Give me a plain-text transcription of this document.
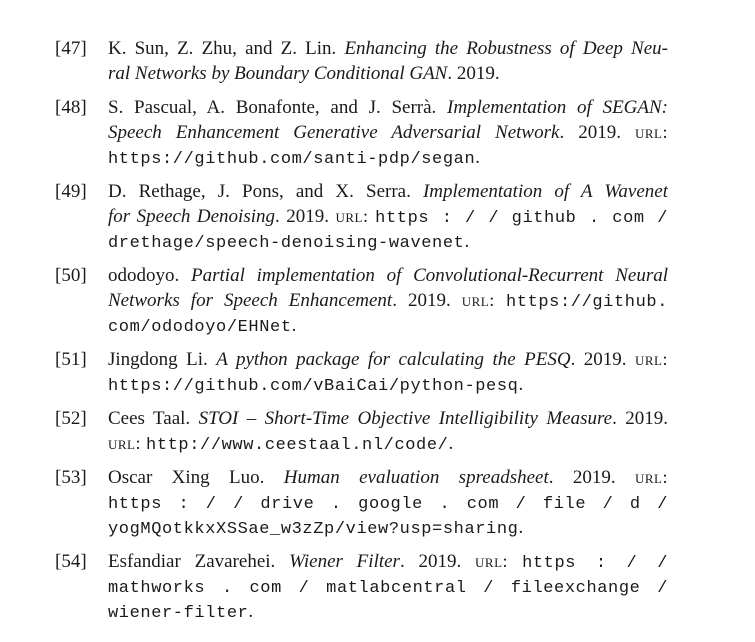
[47] K. Sun, Z. Zhu, and Z. Lin. Enhancing the Robustness of Deep Neu-
ral Networks by Boundary Conditional GAN. 2019.
[48] S. Pascual, A. Bonafonte, and J. Serrà. Implementation of SEGAN:
Speech Enhancement Generative Adversarial Network. 2019. url:
https://github.com/santi-pdp/segan.
[49] D. Rethage, J. Pons, and X. Serra. Implementation of A Wavenet
for Speech Denoising. 2019. url: https : / / github . com /
drethage/speech-denoising-wavenet.
[50] ododoyo. Partial implementation of Convolutional-Recurrent Neural
Networks for Speech Enhancement. 2019. url: https://github.
com/ododoyo/EHNet.
[51] Jingdong Li. A python package for calculating the PESQ. 2019. url:
https://github.com/vBaiCai/python-pesq.
[52] Cees Taal. STOI – Short-Time Objective Intelligibility Measure. 2019.
url: http://www.ceestaal.nl/code/.
[53] Oscar Xing Luo. Human evaluation spreadsheet. 2019. url:
https : / / drive . google . com / file / d /
yogMQotkkxXSSae_w3zZp/view?usp=sharing.
[54] Esfandiar Zavarehei. Wiener Filter. 2019. url: https : / /
mathworks . com / matlabcentral / fileexchange /
wiener-filter.
